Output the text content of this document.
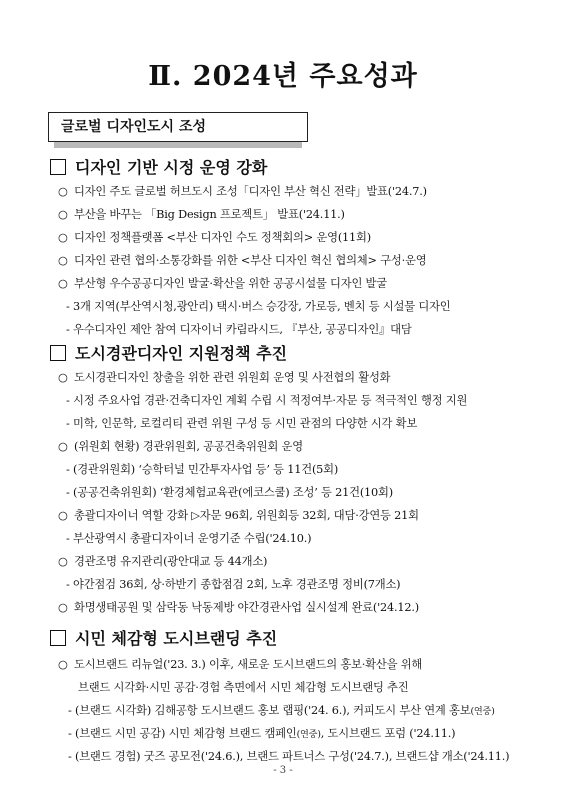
Ⅱ. 2024년 주요성과
글로벌 디자인도시 조성
디자인 기반 시정 운영 강화
○ 디자인 주도 글로벌 허브도시 조성「디자인 부산 혁신 전략」발표('24.7.)
○ 부산을 바꾸는 「Big Design 프로젝트」 발표('24.11.)
○ 디자인 정책플랫폼 <부산 디자인 수도 정책회의> 운영(11회)
○ 디자인 관련 협의·소통강화를 위한 <부산 디자인 혁신 협의체> 구성·운영
○ 부산형 우수공공디자인 발굴·확산을 위한 공공시설물 디자인 발굴
- 3개 지역(부산역시청,광안리) 택시·버스 승강장, 가로등, 벤치 등 시설물 디자인
- 우수디자인 제안 참여 디자이너 카림라시드, 『부산, 공공디자인』대담
도시경관디자인 지원정책 추진
○ 도시경관디자인 창출을 위한 관련 위원회 운영 및 사전협의 활성화
- 시정 주요사업 경관·건축디자인 계획 수립 시 적정여부·자문 등 적극적인 행정 지원
- 미학, 인문학, 로컬리티 관련 위원 구성 등 시민 관점의 다양한 시각 확보
○ (위원회 현황) 경관위원회, 공공건축위원회 운영
- (경관위원회) ‘승학터널 민간투자사업 등’ 등 11건(5회)
- (공공건축위원회) ‘환경체험교육관(에코스쿨) 조성’ 등 21건(10회)
○ 총괄디자이너 역할 강화 ▷자문 96회, 위원회등 32회, 대담·강연등 21회
- 부산광역시 총괄디자이너 운영기준 수립('24.10.)
○ 경관조명 유지관리(광안대교 등 44개소)
- 야간점검 36회, 상·하반기 종합점검 2회, 노후 경관조명 정비(7개소)
○ 화명생태공원 및 삼락동 낙동제방 야간경관사업 실시설계 완료('24.12.)
시민 체감형 도시브랜딩 추진
○ 도시브랜드 리뉴얼('23. 3.) 이후, 새로운 도시브랜드의 홍보·확산을 위해
브랜드 시각화·시민 공감·경험 측면에서 시민 체감형 도시브랜딩 추진
- (브랜드 시각화) 김해공항 도시브랜드 홍보 랩핑('24. 6.), 커피도시 부산 연계 홍보(연중)
- (브랜드 시민 공감) 시민 체감형 브랜드 캠페인(연중), 도시브랜드 포럼 ('24.11.)
- (브랜드 경험) 굿즈 공모전('24.6.), 브랜드 파트너스 구성('24.7.), 브랜드샵 개소('24.11.)
- 3 -
